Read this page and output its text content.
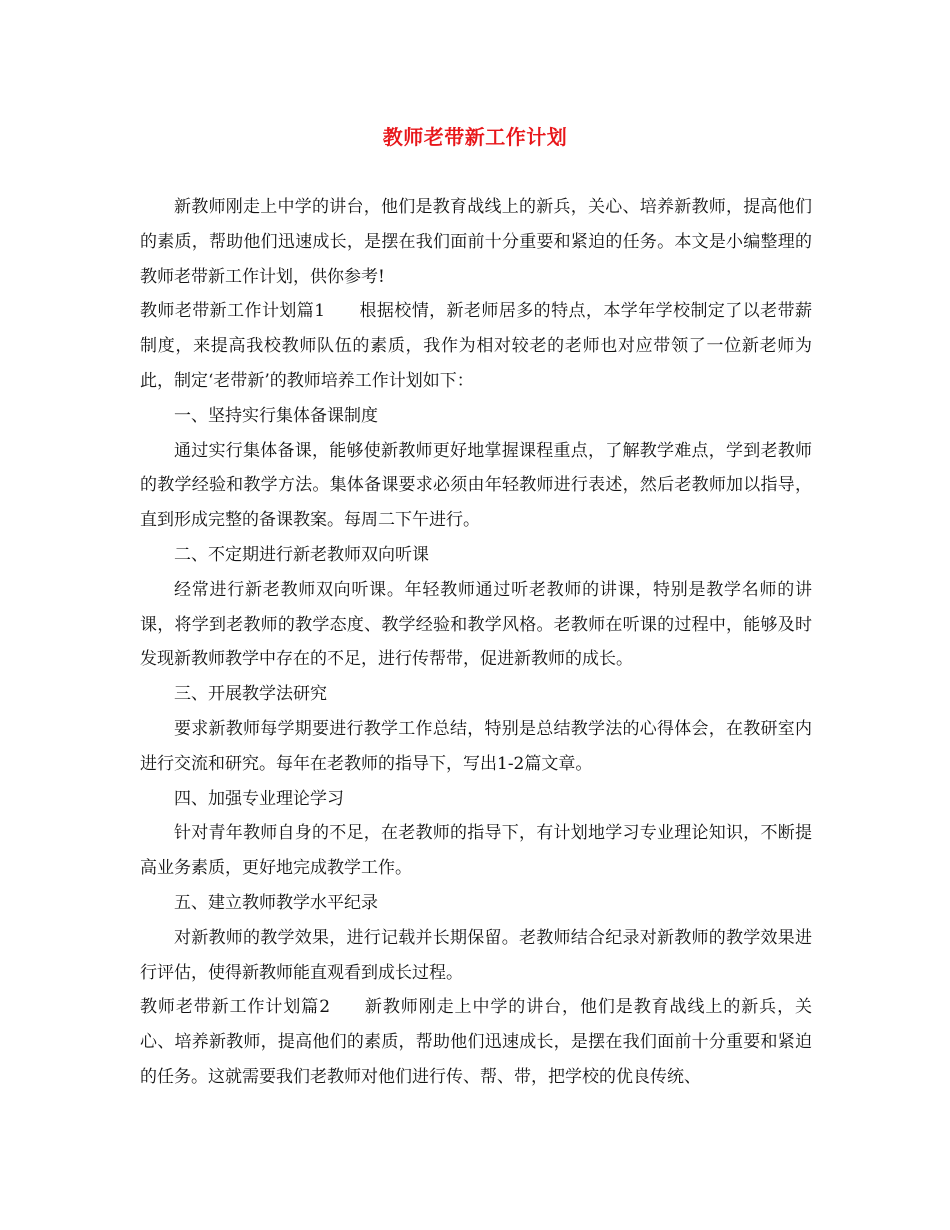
教师老带新工作计划

新教师刚走上中学的讲台，他们是教育战线上的新兵，关心、培养新教师，提高他们的素质，帮助他们迅速成长，是摆在我们面前十分重要和紧迫的任务。本文是小编整理的教师老带新工作计划，供你参考!

教师老带新工作计划篇1 根据校情，新老师居多的特点，本学年学校制定了以老带薪制度，来提高我校教师队伍的素质，我作为相对较老的老师也对应带领了一位新老师为此，制定‘老带新’的教师培养工作计划如下：

一、坚持实行集体备课制度

通过实行集体备课，能够使新教师更好地掌握课程重点，了解教学难点，学到老教师的教学经验和教学方法。集体备课要求必须由年轻教师进行表述，然后老教师加以指导，直到形成完整的备课教案。每周二下午进行。

二、不定期进行新老教师双向听课

经常进行新老教师双向听课。年轻教师通过听老教师的讲课，特别是教学名师的讲课，将学到老教师的教学态度、教学经验和教学风格。老教师在听课的过程中，能够及时发现新教师教学中存在的不足，进行传帮带，促进新教师的成长。

三、开展教学法研究

要求新教师每学期要进行教学工作总结，特别是总结教学法的心得体会，在教研室内进行交流和研究。每年在老教师的指导下，写出1-2篇文章。

四、加强专业理论学习

针对青年教师自身的不足，在老教师的指导下，有计划地学习专业理论知识，不断提高业务素质，更好地完成教学工作。

五、建立教师教学水平纪录

对新教师的教学效果，进行记载并长期保留。老教师结合纪录对新教师的教学效果进行评估，使得新教师能直观看到成长过程。

教师老带新工作计划篇2 新教师刚走上中学的讲台，他们是教育战线上的新兵，关心、培养新教师，提高他们的素质，帮助他们迅速成长，是摆在我们面前十分重要和紧迫的任务。这就需要我们老教师对他们进行传、帮、带，把学校的优良传统、
